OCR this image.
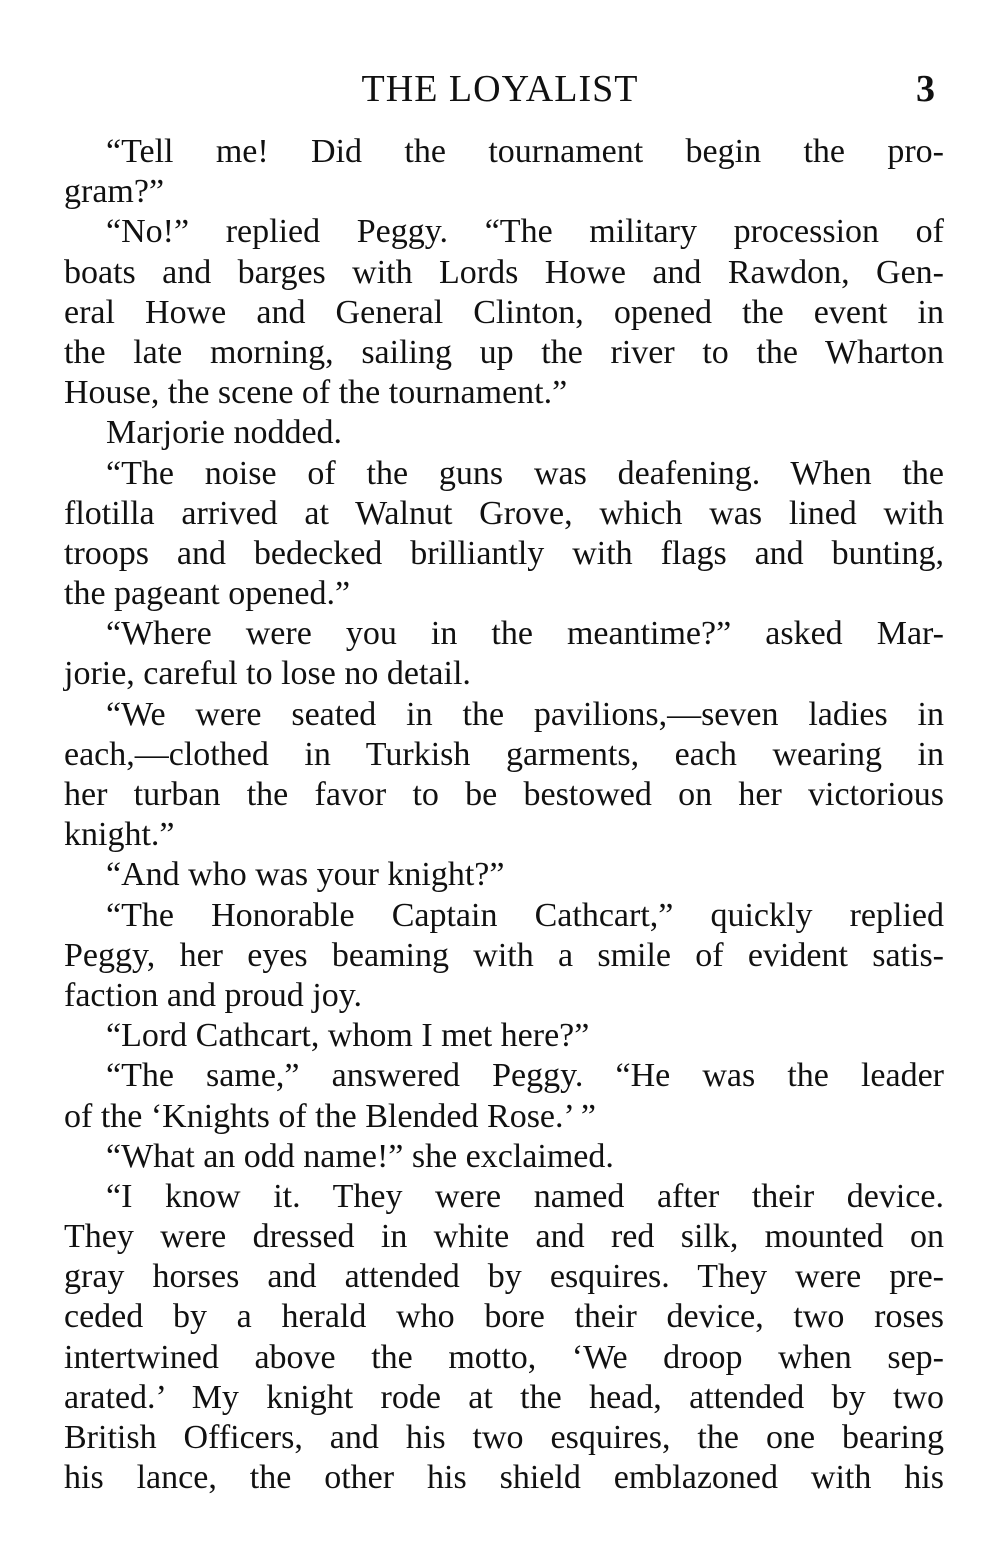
THE LOYALIST	3
“Tell me! Did the tournament begin the pro-
gram?”
“No!” replied Peggy. “The military procession of
boats and barges with Lords Howe and Rawdon, Gen-
eral Howe and General Clinton, opened the event in
the late morning, sailing up the river to the Wharton
House, the scene of the tournament.”
Marjorie nodded.
“The noise of the guns was deafening. When the
flotilla arrived at Walnut Grove, which was lined with
troops and bedecked brilliantly with flags and bunting,
the pageant opened.”
“Where were you in the meantime?” asked Mar-
jorie, careful to lose no detail.
“We were seated in the pavilions,—seven ladies in
each,—clothed in Turkish garments, each wearing in
her turban the favor to be bestowed on her victorious
knight.”
“And who was your knight?”
“The Honorable Captain Cathcart,” quickly replied
Peggy, her eyes beaming with a smile of evident satis-
faction and proud joy.
“Lord Cathcart, whom I met here?”
“The same,” answered Peggy. “He was the leader
of the ‘Knights of the Blended Rose.’ ”
“What an odd name!” she exclaimed.
“I know it. They were named after their device.
They were dressed in white and red silk, mounted on
gray horses and attended by esquires. They were pre-
ceded by a herald who bore their device, two roses
intertwined above the motto, ‘We droop when sep-
arated.’ My knight rode at the head, attended by two
British Officers, and his two esquires, the one bearing
his lance, the other his shield emblazoned with his
